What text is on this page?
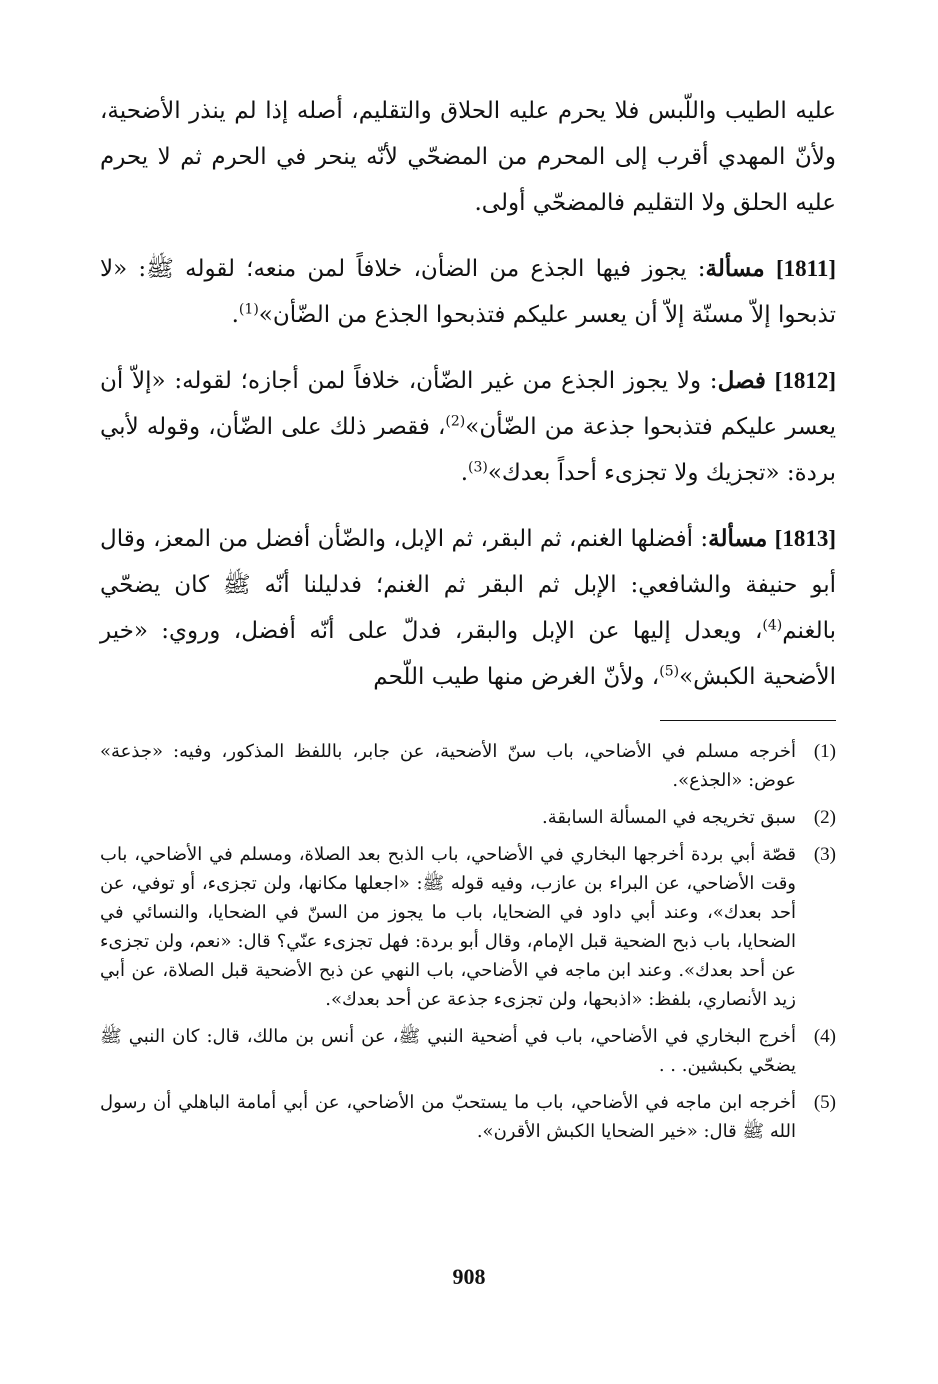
عليه الطيب واللّبس فلا يحرم عليه الحلاق والتقليم، أصله إذا لم ينذر الأضحية، ولأنّ المهدي أقرب إلى المحرم من المضحّي لأنّه ينحر في الحرم ثم لا يحرم عليه الحلق ولا التقليم فالمضحّي أولى.

[1811] مسألة: يجوز فيها الجذع من الضأن، خلافاً لمن منعه؛ لقوله ﷺ: «لا تذبحوا إلاّ مسنّة إلاّ أن يعسر عليكم فتذبحوا الجذع من الضّأن»$^{(1)}$.

[1812] فصل: ولا يجوز الجذع من غير الضّأن، خلافاً لمن أجازه؛ لقوله: «إلاّ أن يعسر عليكم فتذبحوا جذعة من الضّأن»$^{(2)}$، فقصر ذلك على الضّأن، وقوله لأبي بردة: «تجزيك ولا تجزىء أحداً بعدك»$^{(3)}$.

[1813] مسألة: أفضلها الغنم، ثم البقر، ثم الإبل، والضّأن أفضل من المعز، وقال أبو حنيفة والشافعي: الإبل ثم البقر ثم الغنم؛ فدليلنا أنّه ﷺ كان يضحّي بالغنم$^{(4)}$، ويعدل إليها عن الإبل والبقر، فدلّ على أنّه أفضل، وروي: «خير الأضحية الكبش»$^{(5)}$، ولأنّ الغرض منها طيب اللّحم

(1)
أخرجه مسلم في الأضاحي، باب سنّ الأضحية، عن جابر، باللفظ المذكور، وفيه: «جذعة» عوض: «الجذع».
(2)
سبق تخريجه في المسألة السابقة.
(3)
قصّة أبي بردة أخرجها البخاري في الأضاحي، باب الذبح بعد الصلاة، ومسلم في الأضاحي، باب وقت الأضاحي، عن البراء بن عازب، وفيه قوله ﷺ: «اجعلها مكانها، ولن تجزىء، أو توفي، عن أحد بعدك»، وعند أبي داود في الضحايا، باب ما يجوز من السنّ في الضحايا، والنسائي في الضحايا، باب ذبح الضحية قبل الإمام، وقال أبو بردة: فهل تجزىء عنّي؟ قال: «نعم، ولن تجزىء عن أحد بعدك». وعند ابن ماجه في الأضاحي، باب النهي عن ذبح الأضحية قبل الصلاة، عن أبي زيد الأنصاري، بلفظ: «اذبحها، ولن تجزىء جذعة عن أحد بعدك».
(4)
أخرج البخاري في الأضاحي، باب في أضحية النبي ﷺ، عن أنس بن مالك، قال: كان النبي ﷺ يضحّي بكبشين. . .
(5)
أخرجه ابن ماجه في الأضاحي، باب ما يستحبّ من الأضاحي، عن أبي أمامة الباهلي أن رسول الله ﷺ قال: «خير الضحايا الكبش الأقرن».
908
